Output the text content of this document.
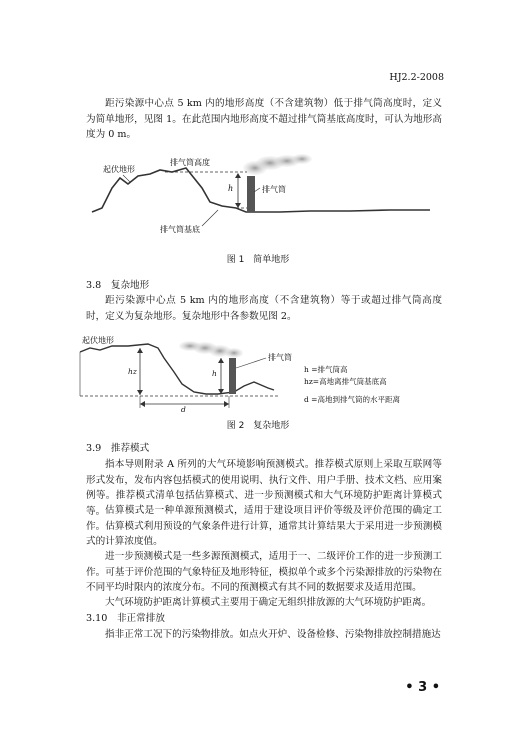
HJ2.2-2008

距污染源中心点 5 km 内的地形高度（不含建筑物）低于排气筒高度时，定义为简单地形，见图 1。在此范围内地形高度不超过排气筒基底高度时，可认为地形高度为 0 m。

h
起伏地形
排气筒高度
排气筒
排气筒基底
图 1　简单地形

3.8　复杂地形

距污染源中心点 5 km 内的地形高度（不含建筑物）等于或超过排气筒高度时，定义为复杂地形。复杂地形中各参数见图 2。

hz	h
d
起伏地形
排气筒
h =排气筒高
hz=高地离排气筒基底高
d =高地到排气筒的水平距离
图 2　复杂地形

3.9　推荐模式

指本导则附录 A 所列的大气环境影响预测模式。推荐模式原则上采取互联网等形式发布，发布内容包括模式的使用说明、执行文件、用户手册、技术文档、应用案例等。推荐模式清单包括估算模式、进一步预测模式和大气环境防护距离计算模式等。 估算模式是一种单源预测模式，适用于建设项目评价等级及评价范围的确定工作。估算模式利用预设的气象条件进行计算，通常其计算结果大于采用进一步预测模式的计算浓度值。

进一步预测模式是一些多源预测模式，适用于一、二级评价工作的进一步预测工作。可基于评价范围的气象特征及地形特征，模拟单个或多个污染源排放的污染物在不同平均时限内的浓度分布。不同的预测模式有其不同的数据要求及适用范围。

大气环境防护距离计算模式主要用于确定无组织排放源的大气环境防护距离。

3.10　非正常排放

指非正常工况下的污染物排放。如点火开炉、设备检修、污染物排放控制措施达

• 3 •
